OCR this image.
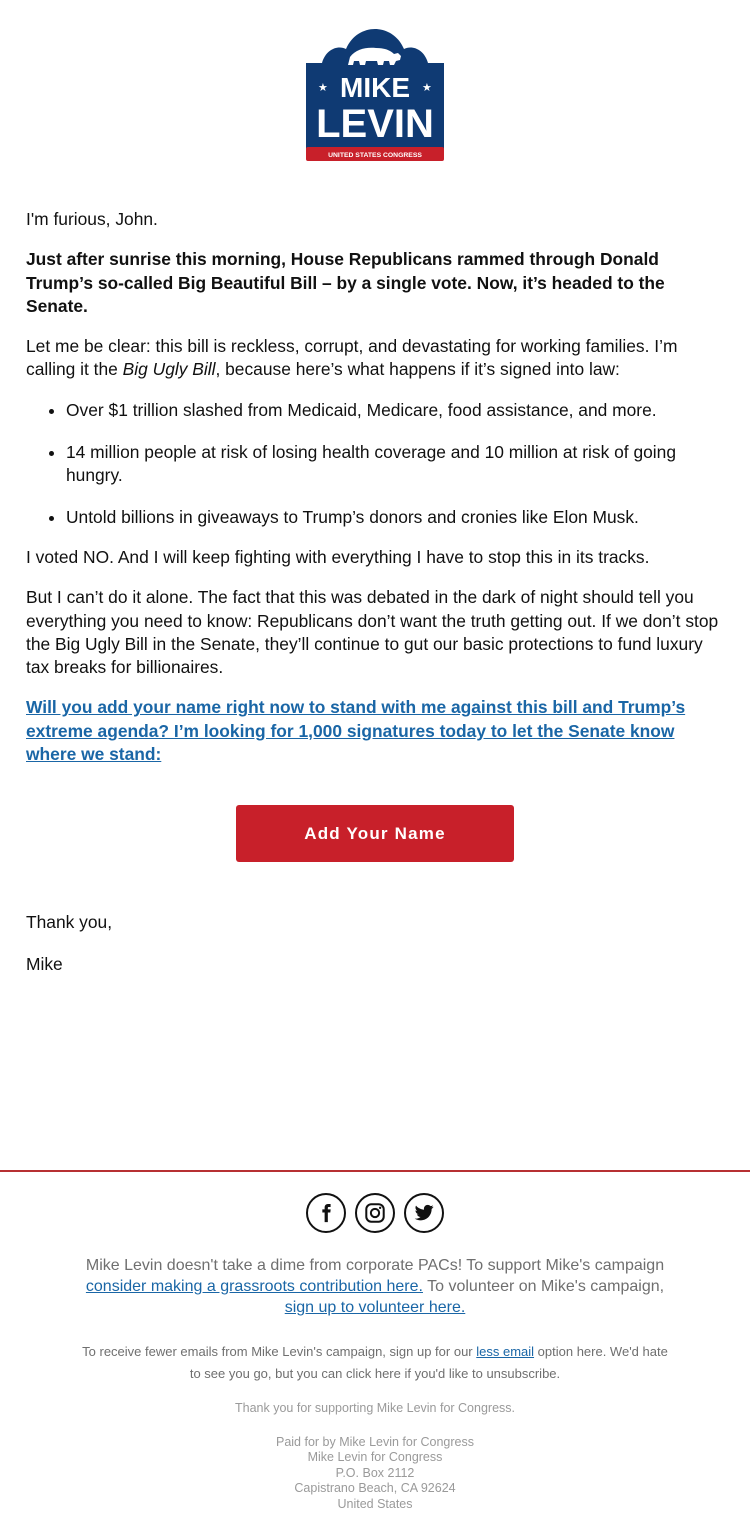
★	★
MIKE
LEVIN
UNITED STATES CONGRESS

I'm furious, John.

Just after sunrise this morning, House Republicans rammed through Donald Trump’s so-called Big Beautiful Bill – by a single vote. Now, it’s headed to the Senate.

Let me be clear: this bill is reckless, corrupt, and devastating for working families. I’m calling it the Big Ugly Bill, because here’s what happens if it’s signed into law:

• Over $1 trillion slashed from Medicaid, Medicare, food assistance, and more.
• 14 million people at risk of losing health coverage and 10 million at risk of going hungry.
• Untold billions in giveaways to Trump’s donors and cronies like Elon Musk.

I voted NO. And I will keep fighting with everything I have to stop this in its tracks.

But I can’t do it alone. The fact that this was debated in the dark of night should tell you everything you need to know: Republicans don’t want the truth getting out. If we don’t stop the Big Ugly Bill in the Senate, they’ll continue to gut our basic protections to fund luxury tax breaks for billionaires.

Will you add your name right now to stand with me against this bill and Trump’s extreme agenda? I’m looking for 1,000 signatures today to let the Senate know where we stand:

Add Your Name

Thank you,

Mike

Mike Levin doesn't take a dime from corporate PACs! To support Mike's campaign consider making a grassroots contribution here. To volunteer on Mike's campaign, sign up to volunteer here.
To receive fewer emails from Mike Levin's campaign, sign up for our less email option here. We'd hate to see you go, but you can click here if you'd like to unsubscribe.
Thank you for supporting Mike Levin for Congress.
Paid for by Mike Levin for Congress
Mike Levin for Congress
P.O. Box 2112
Capistrano Beach, CA 92624
United States
